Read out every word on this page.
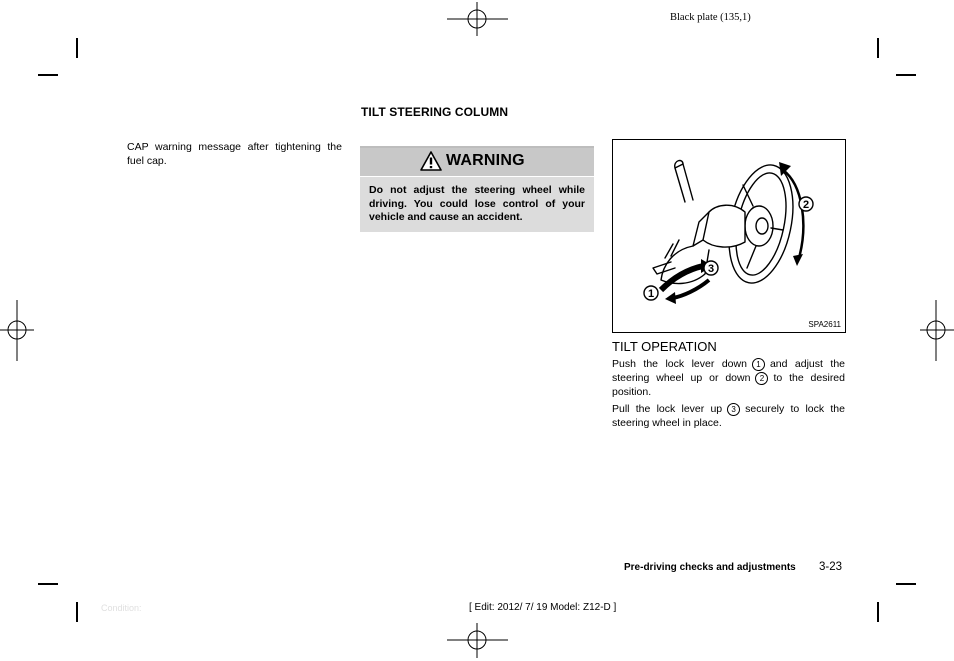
Black plate (135,1)
CAP warning message after tightening the fuel cap.
TILT STEERING COLUMN
WARNING
Do not adjust the steering wheel while driving. You could lose control of your vehicle and cause an accident.
2
3
1
SPA2611
TILT OPERATION
Push the lock lever down 1 and adjust the steering wheel up or down 2 to the desired position.
Pull the lock lever up 3 securely to lock the steering wheel in place.
Pre-driving checks and adjustments 3-23
Condition:	[ Edit: 2012/ 7/ 19 Model: Z12-D ]
